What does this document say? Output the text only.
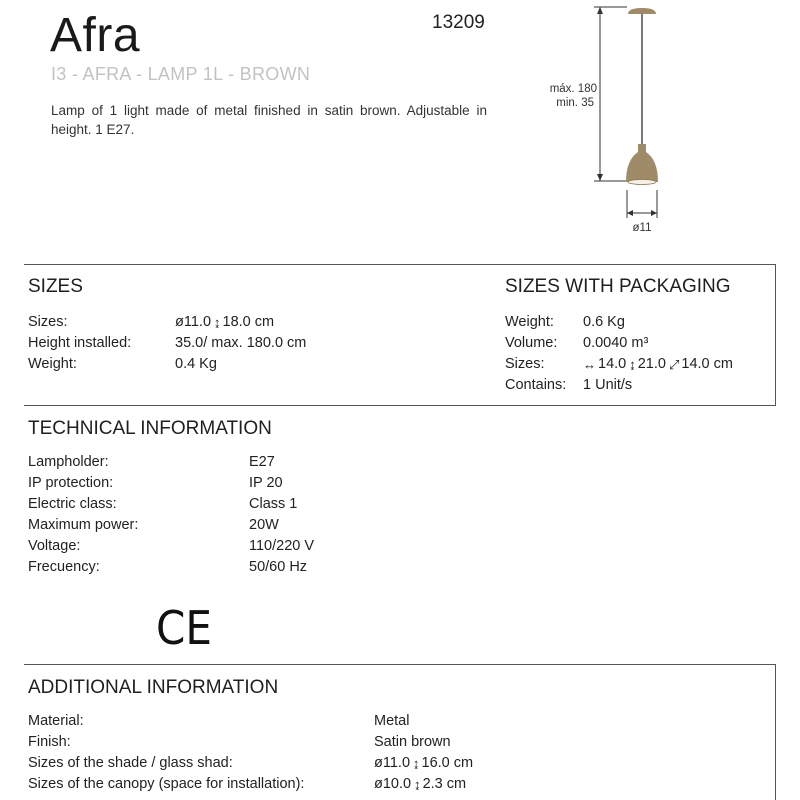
Afra	13209
I3 - AFRA - LAMP 1L - BROWN

Lamp of 1 light made of metal finished in satin brown. Adjustable in height. 1 E27.

máx. 180
min. 35
ø11
SIZES
Sizes:	ø11.0 ↨ 18.0 cm
Height installed:	35.0/ max. 180.0 cm
Weight:	0.4 Kg
SIZES WITH PACKAGING
Weight:	0.6 Kg
Volume:	0.0040 m³
Sizes:	↔ 14.0 ↨ 21.0 ⤢ 14.0 cm
Contains:	1 Unit/s
TECHNICAL INFORMATION
Lampholder:	E27
IP protection:	IP 20
Electric class:	Class 1
Maximum power:	20W
Voltage:	110/220 V
Frecuency:	50/60 Hz
CE
ADDITIONAL INFORMATION
Material:	Metal
Finish:	Satin brown
Sizes of the shade / glass shad:	ø11.0 ↨ 16.0 cm
Sizes of the canopy (space for installation):	ø10.0 ↨ 2.3 cm
